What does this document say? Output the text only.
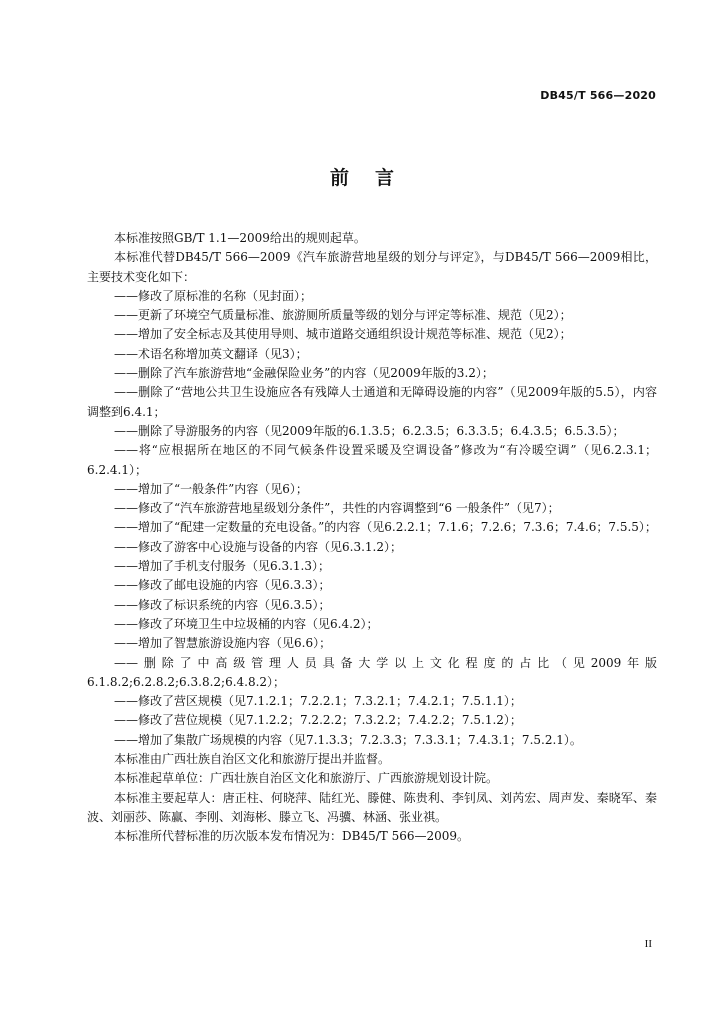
DB45/T 566—2020
前言

本标准按照GB/T 1.1—2009给出的规则起草。

本标准代替DB45/T 566—2009《汽车旅游营地星级的划分与评定》，与DB45/T 566—2009相比，主要技术变化如下：

——修改了原标准的名称（见封面）；

——更新了环境空气质量标准、旅游厕所质量等级的划分与评定等标准、规范（见2）；

——增加了安全标志及其使用导则、城市道路交通组织设计规范等标准、规范（见2）；

——术语名称增加英文翻译（见3）；

——删除了汽车旅游营地“金融保险业务”的内容（见2009年版的3.2）；

——删除了“营地公共卫生设施应各有残障人士通道和无障碍设施的内容”（见2009年版的5.5），内容调整到6.4.1；

——删除了导游服务的内容（见2009年版的6.1.3.5；6.2.3.5；6.3.3.5；6.4.3.5；6.5.3.5）；

——将“应根据所在地区的不同气候条件设置采暖及空调设备”修改为“有冷暖空调”（见6.2.3.1；6.2.4.1）；

——增加了“一般条件”内容（见6）；

——修改了“汽车旅游营地星级划分条件”，共性的内容调整到“6 一般条件”（见7）；

——增加了“配建一定数量的充电设备。”的内容（见6.2.2.1；7.1.6；7.2.6；7.3.6；7.4.6；7.5.5）；

——修改了游客中心设施与设备的内容（见6.3.1.2）；

——增加了手机支付服务（见6.3.1.3）；

——修改了邮电设施的内容（见6.3.3）；

——修改了标识系统的内容（见6.3.5）；

——修改了环境卫生中垃圾桶的内容（见6.4.2）；

——增加了智慧旅游设施内容（见6.6）；

——删除了中高级管理人员具备大学以上文化程度的占比（见2009年版6.1.8.2;6.2.8.2;6.3.8.2;6.4.8.2）；

——修改了营区规模（见7.1.2.1；7.2.2.1；7.3.2.1；7.4.2.1；7.5.1.1）；

——修改了营位规模（见7.1.2.2；7.2.2.2；7.3.2.2；7.4.2.2；7.5.1.2）；

——增加了集散广场规模的内容（见7.1.3.3；7.2.3.3；7.3.3.1；7.4.3.1；7.5.2.1）。

本标准由广西壮族自治区文化和旅游厅提出并监督。

本标准起草单位：广西壮族自治区文化和旅游厅、广西旅游规划设计院。

本标准主要起草人：唐正柱、何晓萍、陆红光、滕健、陈贵利、李钊凤、刘芮宏、周声发、秦晓军、秦波、刘丽莎、陈赢、李刚、刘海彬、滕立飞、冯骥、林涵、张业祺。

本标准所代替标准的历次版本发布情况为：DB45/T 566—2009。

II
